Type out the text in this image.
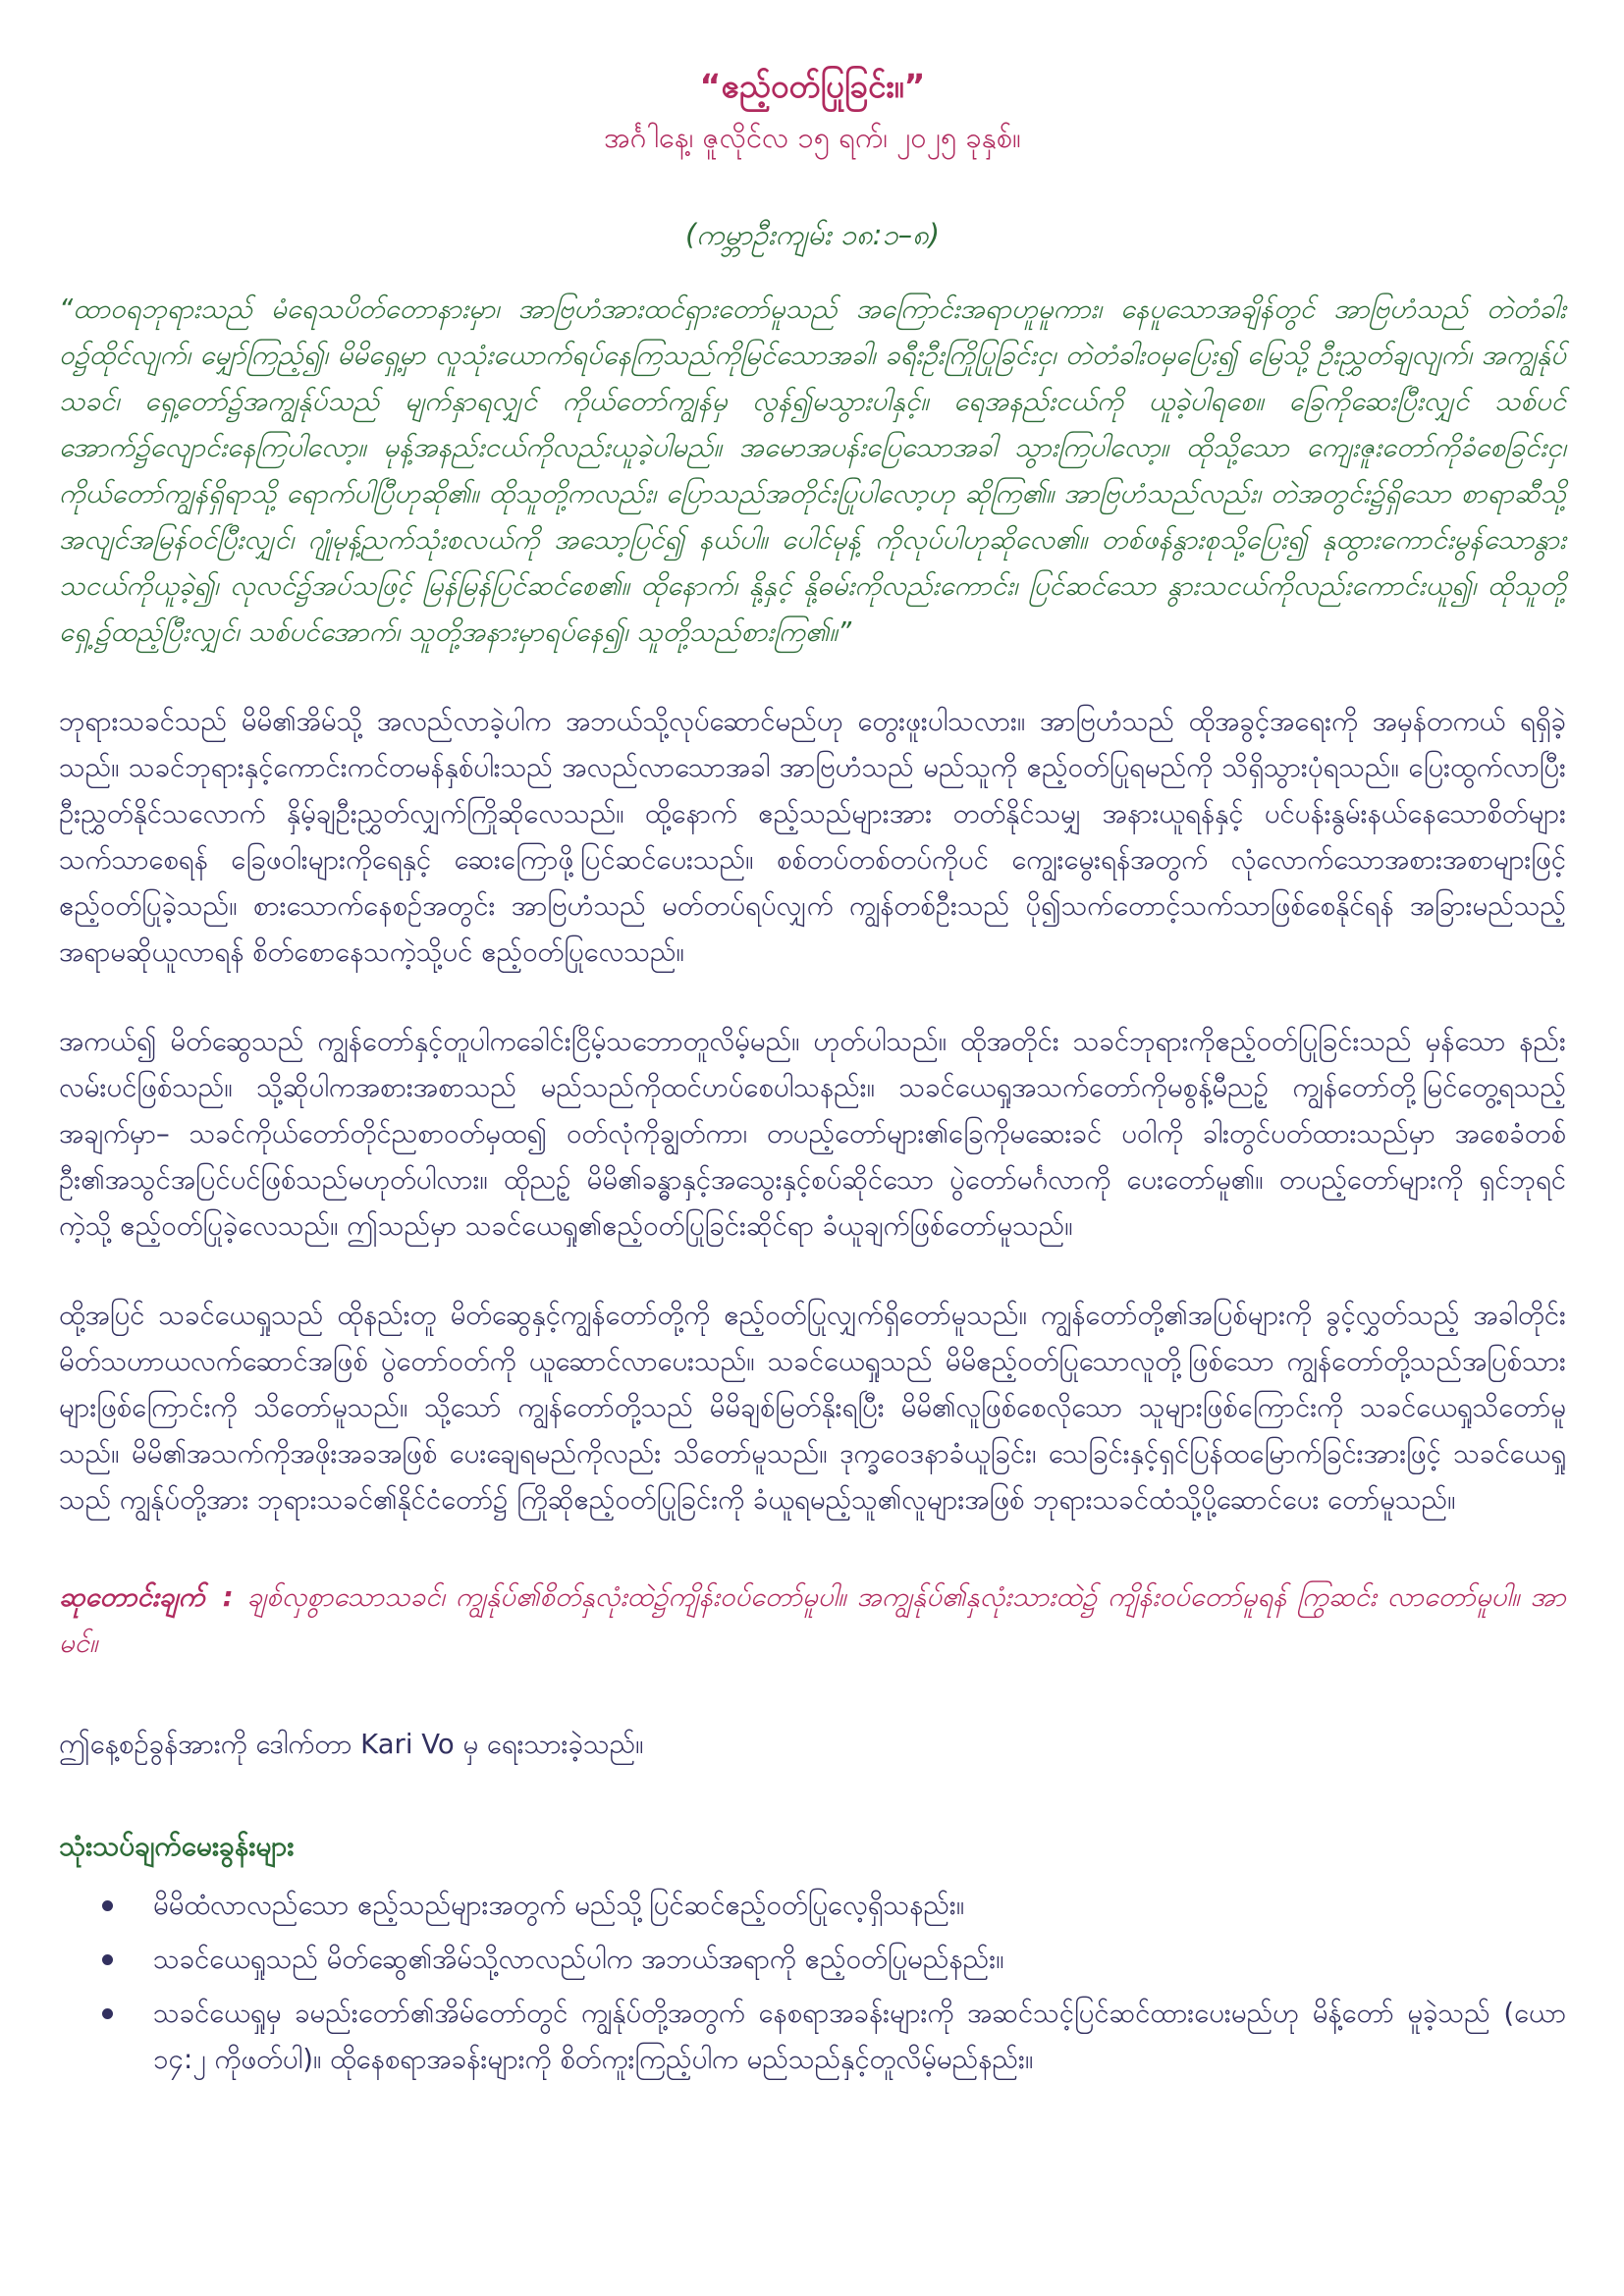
“ဧည့်ဝတ်ပြုခြင်း။”
အင်္ဂါနေ့၊ ဇူလိုင်လ ၁၅ ရက်၊ ၂၀၂၅ ခုနှစ်။
(ကမ္ဘာဦးကျမ်း ၁၈:၁–၈)
“ထာဝရဘုရားသည် မံရေသပိတ်တောနားမှာ၊ အာဗြဟံအားထင်ရှားတော်မူသည် အကြောင်းအရာဟူမူကား၊ နေပူသောအချိန်တွင် အာဗြဟံသည် တဲတံခါးဝ၌ထိုင်လျက်၊ မျှော်ကြည့်၍၊ မိမိရှေ့မှာ လူသုံးယောက်ရပ်နေကြသည်ကိုမြင်သောအခါ၊ ခရီးဦးကြိုပြုခြင်းငှ၊ တဲတံခါးဝမှပြေး၍ မြေသို့ ဦးညွှတ်ချလျက်၊ အကျွန်ုပ်သခင်၊ ရှေ့တော်၌အကျွန်ုပ်သည် မျက်နှာရလျှင် ကိုယ်တော်ကျွန်မှ လွန်၍မသွားပါနှင့်။ ရေအနည်းငယ်ကို ယူခဲ့ပါရစေ။ ခြေကိုဆေးပြီးလျှင် သစ်ပင်အောက်၌လျောင်းနေကြပါလော့။ မုန့်အနည်းငယ်ကိုလည်းယူခဲ့ပါမည်။ အမောအပန်းပြေသောအခါ သွားကြပါလော့။ ထိုသို့သော ကျေးဇူးတော်ကိုခံစေခြင်းငှ၊ ကိုယ်တော်ကျွန်ရှိရာသို့ ရောက်ပါပြီဟုဆို၏။ ထိုသူတို့ကလည်း၊ ပြောသည်အတိုင်းပြုပါလော့ဟု ဆိုကြ၏။ အာဗြဟံသည်လည်း၊ တဲအတွင်း၌ရှိသော စာရာဆီသို့ အလျင်အမြန်ဝင်ပြီးလျှင်၊ ဂျုံမုန့်ညက်သုံးစလယ်ကို အသော့ပြင်၍ နယ်ပါ။ ပေါင်မုန့် ကိုလုပ်ပါဟုဆိုလေ၏။ တစ်ဖန်နွားစုသို့ပြေး၍ နုထွားကောင်းမွန်သောနွားသငယ်ကိုယူခဲ့၍၊ လုလင်၌အပ်သဖြင့် မြန်မြန်ပြင်ဆင်စေ၏။ ထိုနောက်၊ နို့နှင့် နို့ဓမ်းကိုလည်းကောင်း၊ ပြင်ဆင်သော နွားသငယ်ကိုလည်းကောင်းယူ၍၊ ထိုသူတို့ရှေ့၌ထည့်ပြီးလျှင်၊ သစ်ပင်အောက်၊ သူတို့အနားမှာရပ်နေ၍၊ သူတို့သည်စားကြ၏။”
ဘုရားသခင်သည် မိမိ၏အိမ်သို့ အလည်လာခဲ့ပါက အဘယ်သို့လုပ်ဆောင်မည်ဟု တွေးဖူးပါသလား။ အာဗြဟံသည် ထိုအခွင့်အရေးကို အမှန်တကယ် ရရှိခဲ့သည်။ သခင်ဘုရားနှင့်ကောင်းကင်တမန်နှစ်ပါးသည် အလည်လာသောအခါ အာဗြဟံသည် မည်သူကို ဧည့်ဝတ်ပြုရမည်ကို သိရှိသွားပုံရသည်။ ပြေးထွက်လာပြီး ဦးညွှတ်နိုင်သလောက် နှိမ့်ချဦးညွှတ်လျှက်ကြိုဆိုလေသည်။ ထို့နောက် ဧည့်သည်များအား တတ်နိုင်သမျှ အနားယူရန်နှင့် ပင်ပန်းနွမ်းနယ်နေသောစိတ်များသက်သာစေရန် ခြေဖဝါးများကိုရေနှင့် ဆေးကြောဖို့ပြင်ဆင်ပေးသည်။ စစ်တပ်တစ်တပ်ကိုပင် ကျွေးမွေးရန်အတွက် လုံလောက်သောအစားအစာများဖြင့် ဧည့်ဝတ်ပြုခဲ့သည်။ စားသောက်နေစဉ်အတွင်း အာဗြဟံသည် မတ်တပ်ရပ်လျှက် ကျွန်တစ်ဦးသည် ပို၍သက်တောင့်သက်သာဖြစ်စေနိုင်ရန် အခြားမည်သည့်အရာမဆိုယူလာရန် စိတ်စောနေသကဲ့သို့ပင် ဧည့်ဝတ်ပြုလေသည်။
အကယ်၍ မိတ်ဆွေသည် ကျွန်တော်နှင့်တူပါကခေါင်းငြိမ့်သဘောတူလိမ့်မည်။ ဟုတ်ပါသည်။ ထိုအတိုင်း သခင်ဘုရားကိုဧည့်ဝတ်ပြုခြင်းသည် မှန်သော နည်းလမ်းပင်ဖြစ်သည်။ သို့ဆိုပါကအစားအစာသည် မည်သည်ကိုထင်ဟပ်စေပါသနည်း။ သခင်ယေရှုအသက်တော်ကိုမစွန့်မီညဉ့် ကျွန်တော်တို့မြင်တွေ့ရသည့်အချက်မှာ– သခင်ကိုယ်တော်တိုင်ညစာဝတ်မှထ၍ ဝတ်လုံကိုချွတ်ကာ၊ တပည့်တော်များ၏ခြေကိုမဆေးခင် ပဝါကို ခါးတွင်ပတ်ထားသည်မှာ အစေခံတစ်ဦး၏အသွင်အပြင်ပင်ဖြစ်သည်မဟုတ်ပါလား။ ထိုညဉ့် မိမိ၏ခန္ဓာနှင့်အသွေးနှင့်စပ်ဆိုင်သော ပွဲတော်မင်္ဂလာကို ပေးတော်မူ၏။ တပည့်တော်များကို ရှင်ဘုရင်ကဲ့သို့ ဧည့်ဝတ်ပြုခဲ့လေသည်။ ဤသည်မှာ သခင်ယေရှု၏ဧည့်ဝတ်ပြုခြင်းဆိုင်ရာ ခံယူချက်ဖြစ်တော်မူသည်။
ထို့အပြင် သခင်ယေရှုသည် ထိုနည်းတူ မိတ်ဆွေနှင့်ကျွန်တော်တို့ကို ဧည့်ဝတ်ပြုလျှက်ရှိတော်မူသည်။ ကျွန်တော်တို့၏အပြစ်များကို ခွင့်လွှတ်သည့် အခါတိုင်း မိတ်သဟာယလက်ဆောင်အဖြစ် ပွဲတော်ဝတ်ကို ယူဆောင်လာပေးသည်။ သခင်ယေရှုသည် မိမိဧည့်ဝတ်ပြုသောလူတို့ဖြစ်သော ကျွန်တော်တို့သည်အပြစ်သားများဖြစ်ကြောင်းကို သိတော်မူသည်။ သို့သော် ကျွန်တော်တို့သည် မိမိချစ်မြတ်နိုးရပြီး မိမိ၏လူဖြစ်စေလိုသော သူများဖြစ်ကြောင်းကို သခင်ယေရှုသိတော်မူသည်။ မိမိ၏အသက်ကိုအဖိုးအခအဖြစ် ပေးချေရမည်ကိုလည်း သိတော်မူသည်။ ဒုက္ခဝေဒနာခံယူခြင်း၊ သေခြင်းနှင့်ရှင်ပြန်ထမြောက်ခြင်းအားဖြင့် သခင်ယေရှုသည် ကျွန်ုပ်တို့အား ဘုရားသခင်၏နိုင်ငံတော်၌ ကြိုဆိုဧည့်ဝတ်ပြုခြင်းကို ခံယူရမည့်သူ၏လူများအဖြစ် ဘုရားသခင်ထံသို့ပို့ဆောင်ပေး တော်မူသည်။
ဆုတောင်းချက် : ချစ်လှစွာသောသခင်၊ ကျွန်ုပ်၏စိတ်နှလုံးထဲ၌ကျိန်းဝပ်တော်မူပါ။ အကျွန်ုပ်၏နှလုံးသားထဲ၌ ကျိန်းဝပ်တော်မူရန် ကြွဆင်း လာတော်မူပါ။ အာမင်။
ဤနေ့စဉ်ခွန်အားကို ဒေါက်တာ Kari Vo မှ ရေးသားခဲ့သည်။
သုံးသပ်ချက်မေးခွန်းများ
မိမိထံလာလည်သော ဧည့်သည်များအတွက် မည်သို့ပြင်ဆင်ဧည့်ဝတ်ပြုလေ့ရှိသနည်း။
သခင်ယေရှုသည် မိတ်ဆွေ၏အိမ်သို့လာလည်ပါက အဘယ်အရာကို ဧည့်ဝတ်ပြုမည်နည်း။
သခင်ယေရှုမှ ခမည်းတော်၏အိမ်တော်တွင် ကျွန်ုပ်တို့အတွက် နေစရာအခန်းများကို အဆင်သင့်ပြင်ဆင်ထားပေးမည်ဟု မိန့်တော် မူခဲ့သည် (ယော ၁၄:၂ ကိုဖတ်ပါ)။ ထိုနေစရာအခန်းများကို စိတ်ကူးကြည့်ပါက မည်သည်နှင့်တူလိမ့်မည်နည်း။
